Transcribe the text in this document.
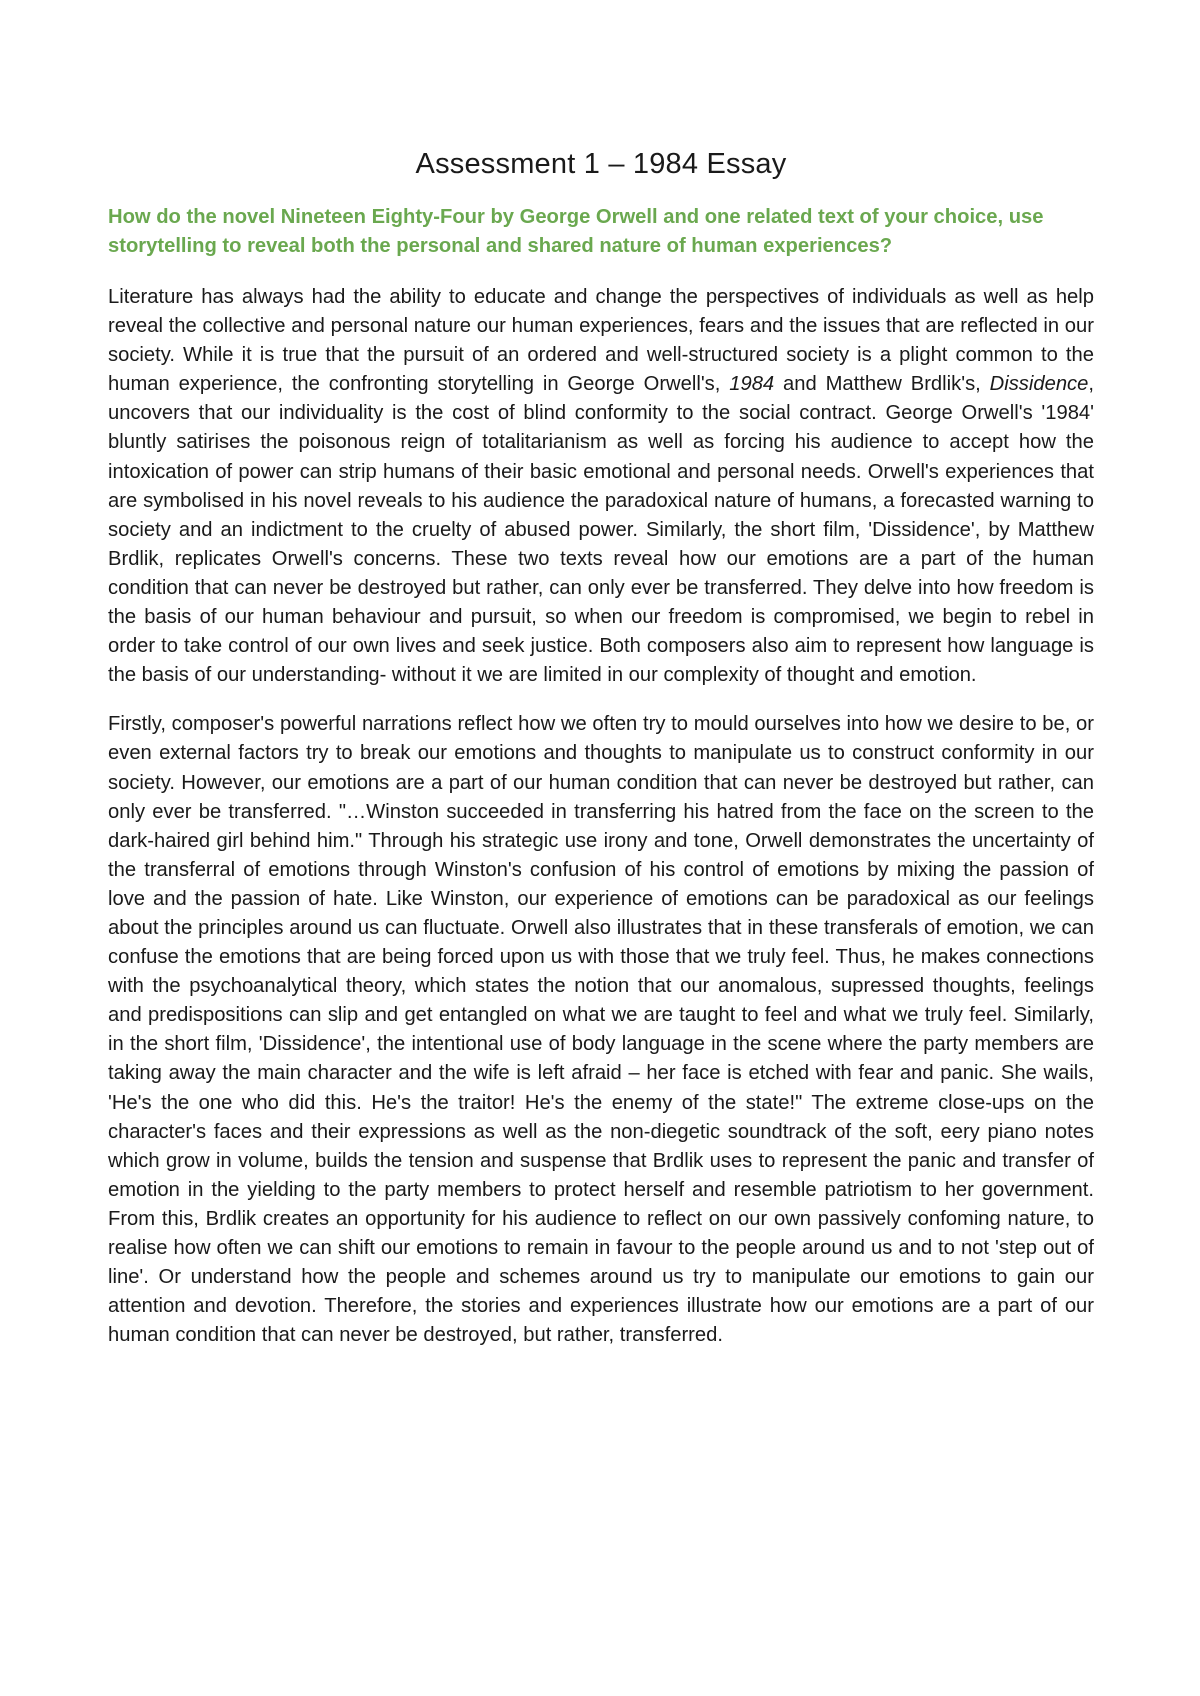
Assessment 1 – 1984 Essay

How do the novel Nineteen Eighty-Four by George Orwell and one related text of your choice, use storytelling to reveal both the personal and shared nature of human experiences?

Literature has always had the ability to educate and change the perspectives of individuals as well as help reveal the collective and personal nature our human experiences, fears and the issues that are reflected in our society. While it is true that the pursuit of an ordered and well-structured society is a plight common to the human experience, the confronting storytelling in George Orwell's, 1984 and Matthew Brdlik's, Dissidence, uncovers that our individuality is the cost of blind conformity to the social contract. George Orwell's '1984' bluntly satirises the poisonous reign of totalitarianism as well as forcing his audience to accept how the intoxication of power can strip humans of their basic emotional and personal needs. Orwell's experiences that are symbolised in his novel reveals to his audience the paradoxical nature of humans, a forecasted warning to society and an indictment to the cruelty of abused power. Similarly, the short film, 'Dissidence', by Matthew Brdlik, replicates Orwell's concerns. These two texts reveal how our emotions are a part of the human condition that can never be destroyed but rather, can only ever be transferred. They delve into how freedom is the basis of our human behaviour and pursuit, so when our freedom is compromised, we begin to rebel in order to take control of our own lives and seek justice. Both composers also aim to represent how language is the basis of our understanding- without it we are limited in our complexity of thought and emotion.

Firstly, composer's powerful narrations reflect how we often try to mould ourselves into how we desire to be, or even external factors try to break our emotions and thoughts to manipulate us to construct conformity in our society. However, our emotions are a part of our human condition that can never be destroyed but rather, can only ever be transferred. "…Winston succeeded in transferring his hatred from the face on the screen to the dark-haired girl behind him." Through his strategic use irony and tone, Orwell demonstrates the uncertainty of the transferral of emotions through Winston's confusion of his control of emotions by mixing the passion of love and the passion of hate. Like Winston, our experience of emotions can be paradoxical as our feelings about the principles around us can fluctuate. Orwell also illustrates that in these transferals of emotion, we can confuse the emotions that are being forced upon us with those that we truly feel. Thus, he makes connections with the psychoanalytical theory, which states the notion that our anomalous, supressed thoughts, feelings and predispositions can slip and get entangled on what we are taught to feel and what we truly feel. Similarly, in the short film, 'Dissidence', the intentional use of body language in the scene where the party members are taking away the main character and the wife is left afraid – her face is etched with fear and panic. She wails, 'He's the one who did this. He's the traitor! He's the enemy of the state!" The extreme close-ups on the character's faces and their expressions as well as the non-diegetic soundtrack of the soft, eery piano notes which grow in volume, builds the tension and suspense that Brdlik uses to represent the panic and transfer of emotion in the yielding to the party members to protect herself and resemble patriotism to her government. From this, Brdlik creates an opportunity for his audience to reflect on our own passively confoming nature, to realise how often we can shift our emotions to remain in favour to the people around us and to not 'step out of line'. Or understand how the people and schemes around us try to manipulate our emotions to gain our attention and devotion. Therefore, the stories and experiences illustrate how our emotions are a part of our human condition that can never be destroyed, but rather, transferred.
